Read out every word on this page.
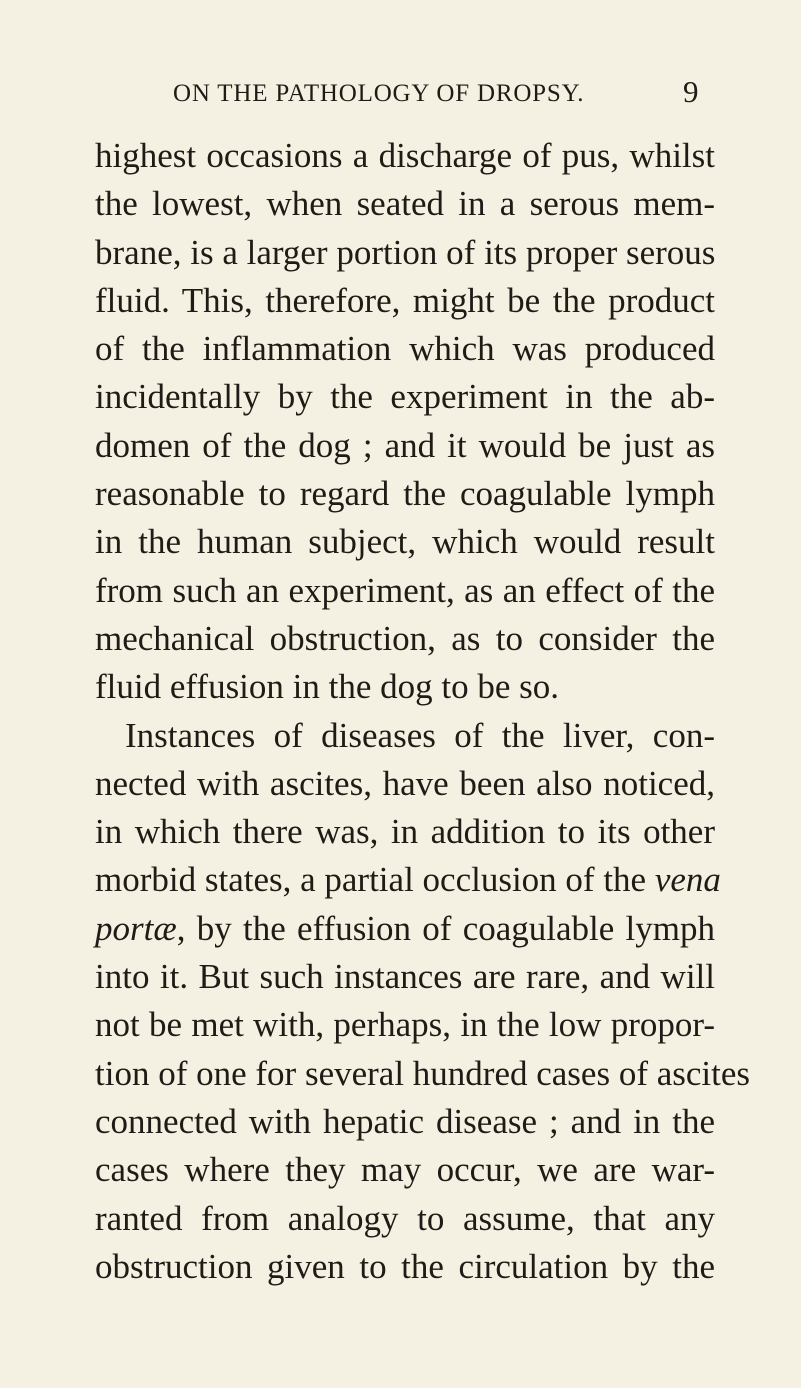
ON THE PATHOLOGY OF DROPSY.	9
highest occasions a discharge of pus, whilst
the lowest, when seated in a serous mem-
brane, is a larger portion of its proper serous
fluid. This, therefore, might be the product
of the inflammation which was produced
incidentally by the experiment in the ab-
domen of the dog ; and it would be just as
reasonable to regard the coagulable lymph
in the human subject, which would result
from such an experiment, as an effect of the
mechanical obstruction, as to consider the
fluid effusion in the dog to be so.
Instances of diseases of the liver, con-
nected with ascites, have been also noticed,
in which there was, in addition to its other
morbid states, a partial occlusion of the vena
portæ, by the effusion of coagulable lymph
into it. But such instances are rare, and will
not be met with, perhaps, in the low propor-
tion of one for several hundred cases of ascites
connected with hepatic disease ; and in the
cases where they may occur, we are war-
ranted from analogy to assume, that any
obstruction given to the circulation by the
